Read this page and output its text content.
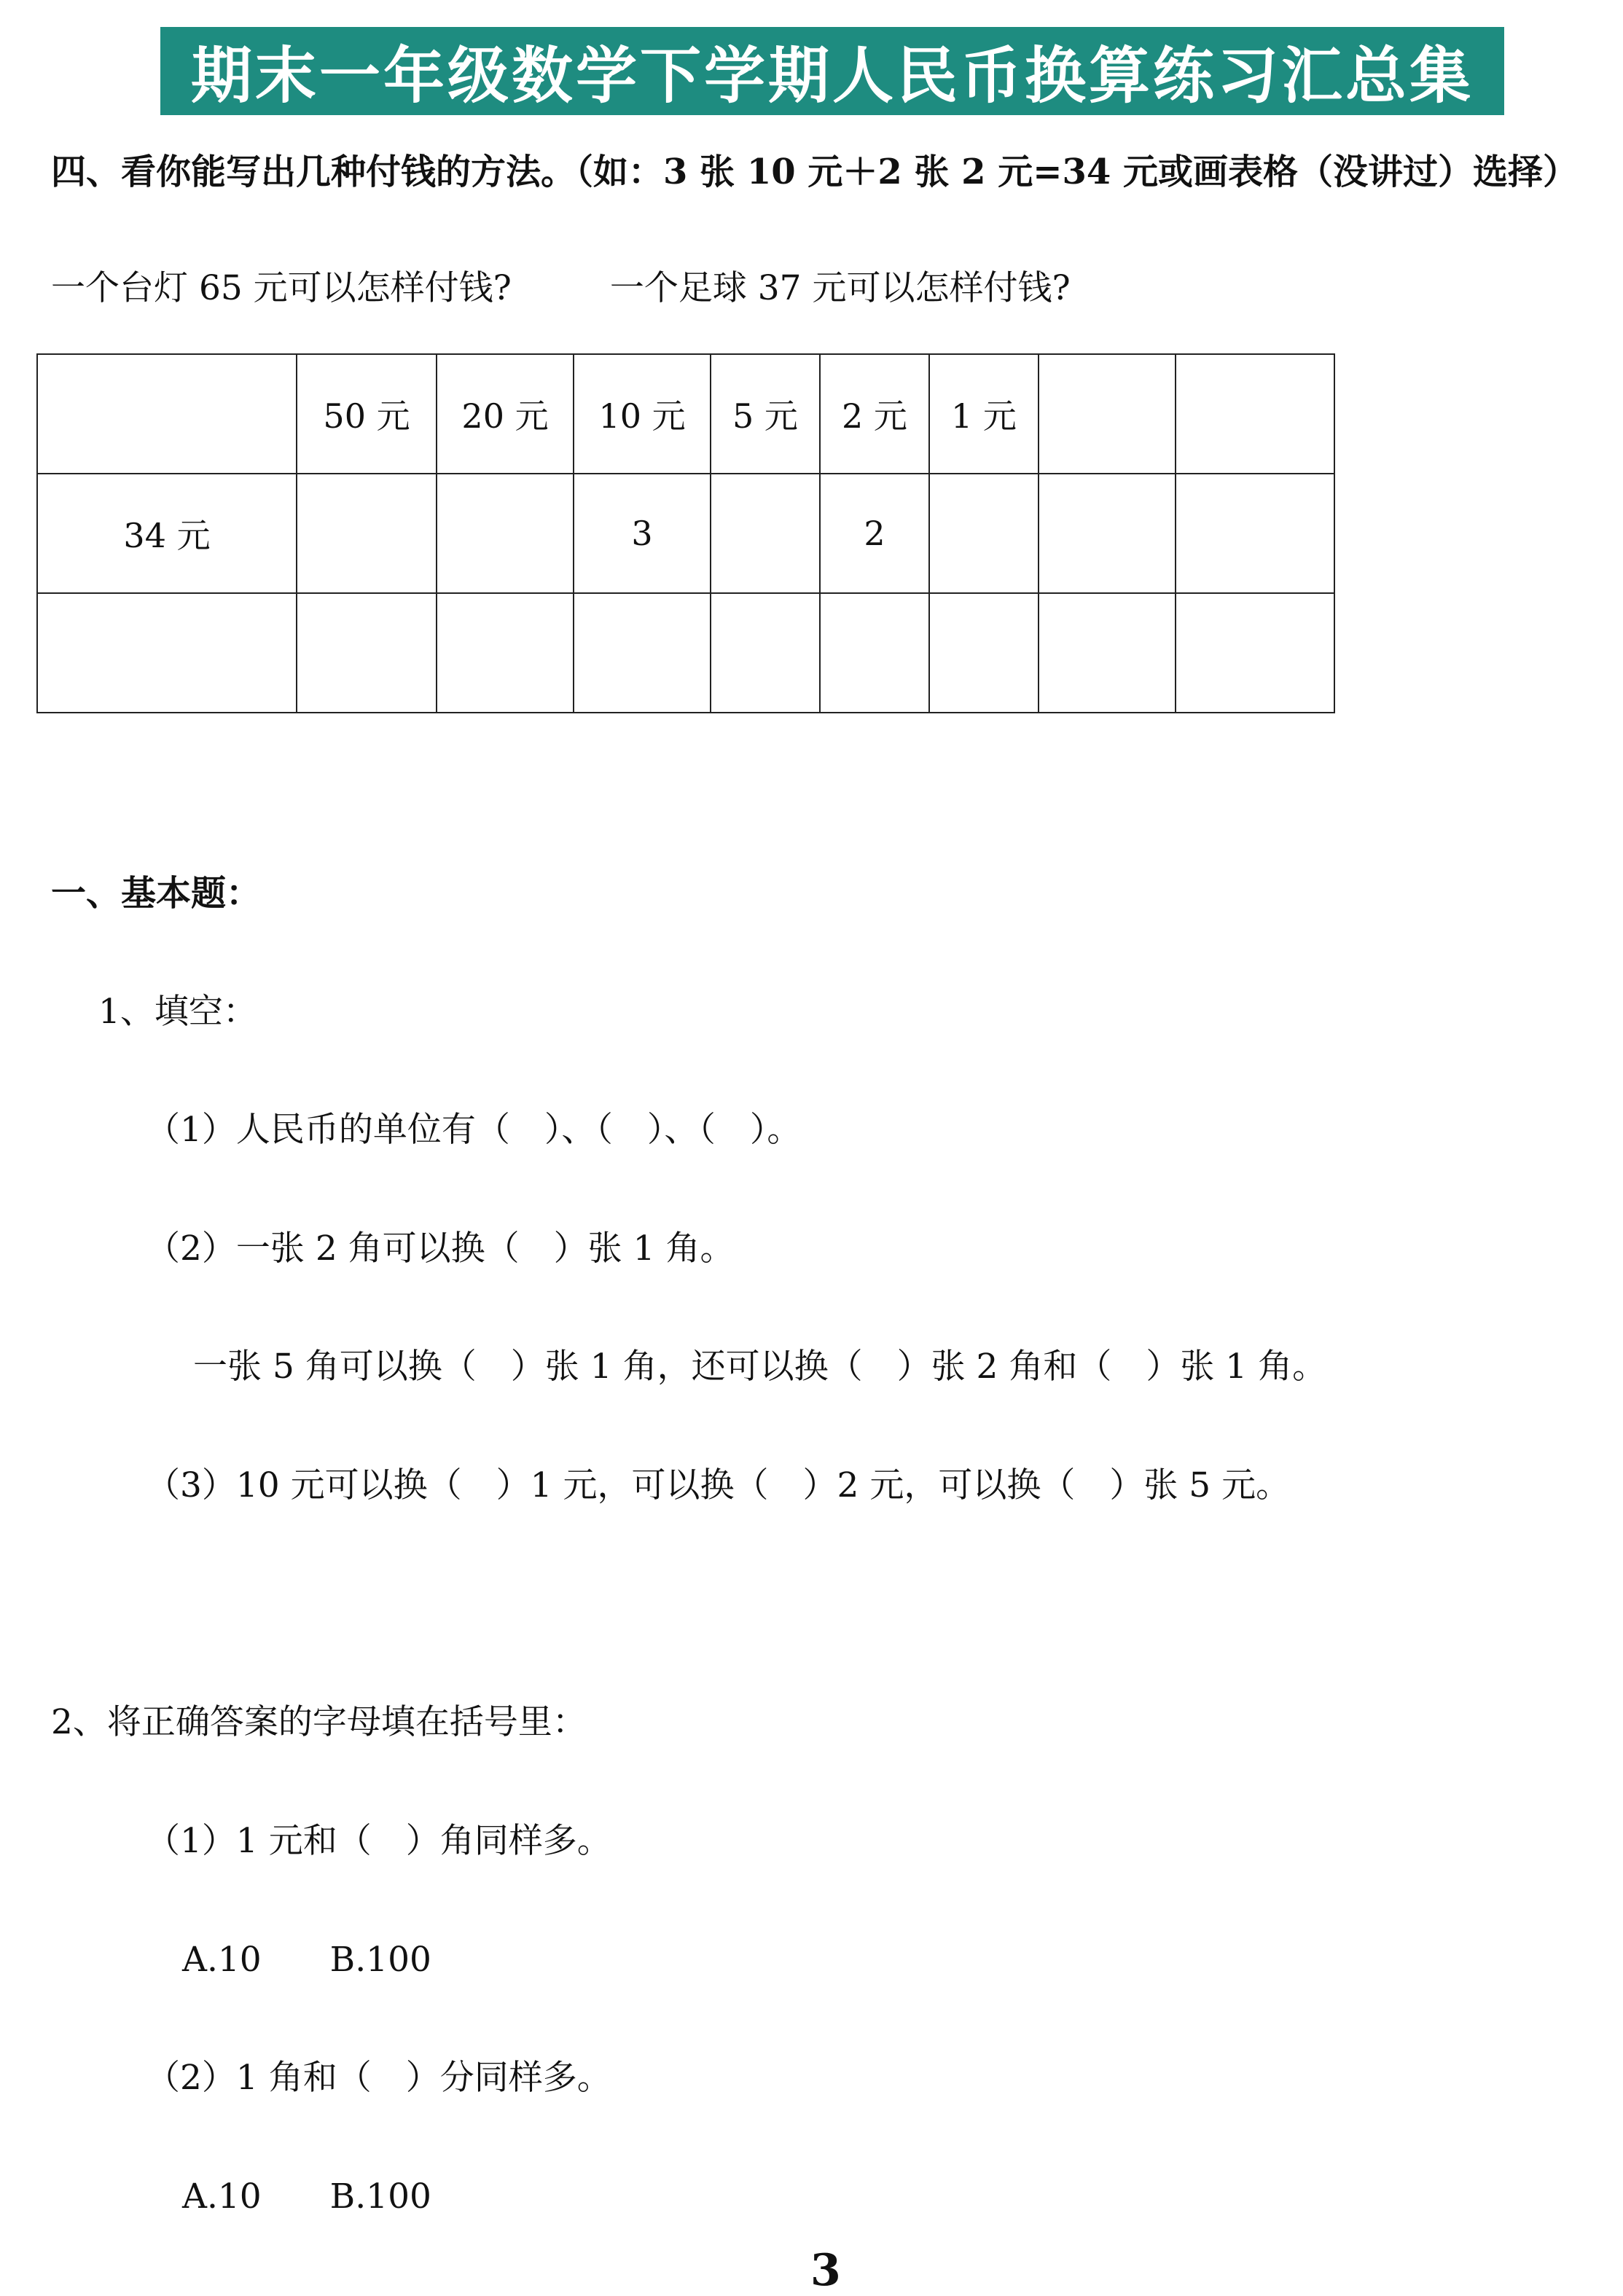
期末一年级数学下学期人民币换算练习汇总集
四、看你能写出几种付钱的方法。（如：3 张 10 元＋2 张 2 元=34 元或画表格（没讲过）选择）
一个台灯 65 元可以怎样付钱?	一个足球 37 元可以怎样付钱?
	50 元	20 元	10 元	5 元	2 元	1 元		
34 元			3		2			

一、基本题：
1、填空：
（1）人民币的单位有（　）、（　）、（　）。
（2）一张 2 角可以换（　）张 1 角。
一张 5 角可以换（　）张 1 角，还可以换（　）张 2 角和（　）张 1 角。
（3）10 元可以换（　）1 元，可以换（　）2 元，可以换（　）张 5 元。
2、将正确答案的字母填在括号里：
（1）1 元和（　）角同样多。
A.10　　B.100
（2）1 角和（　）分同样多。
A.10　　B.100
3
